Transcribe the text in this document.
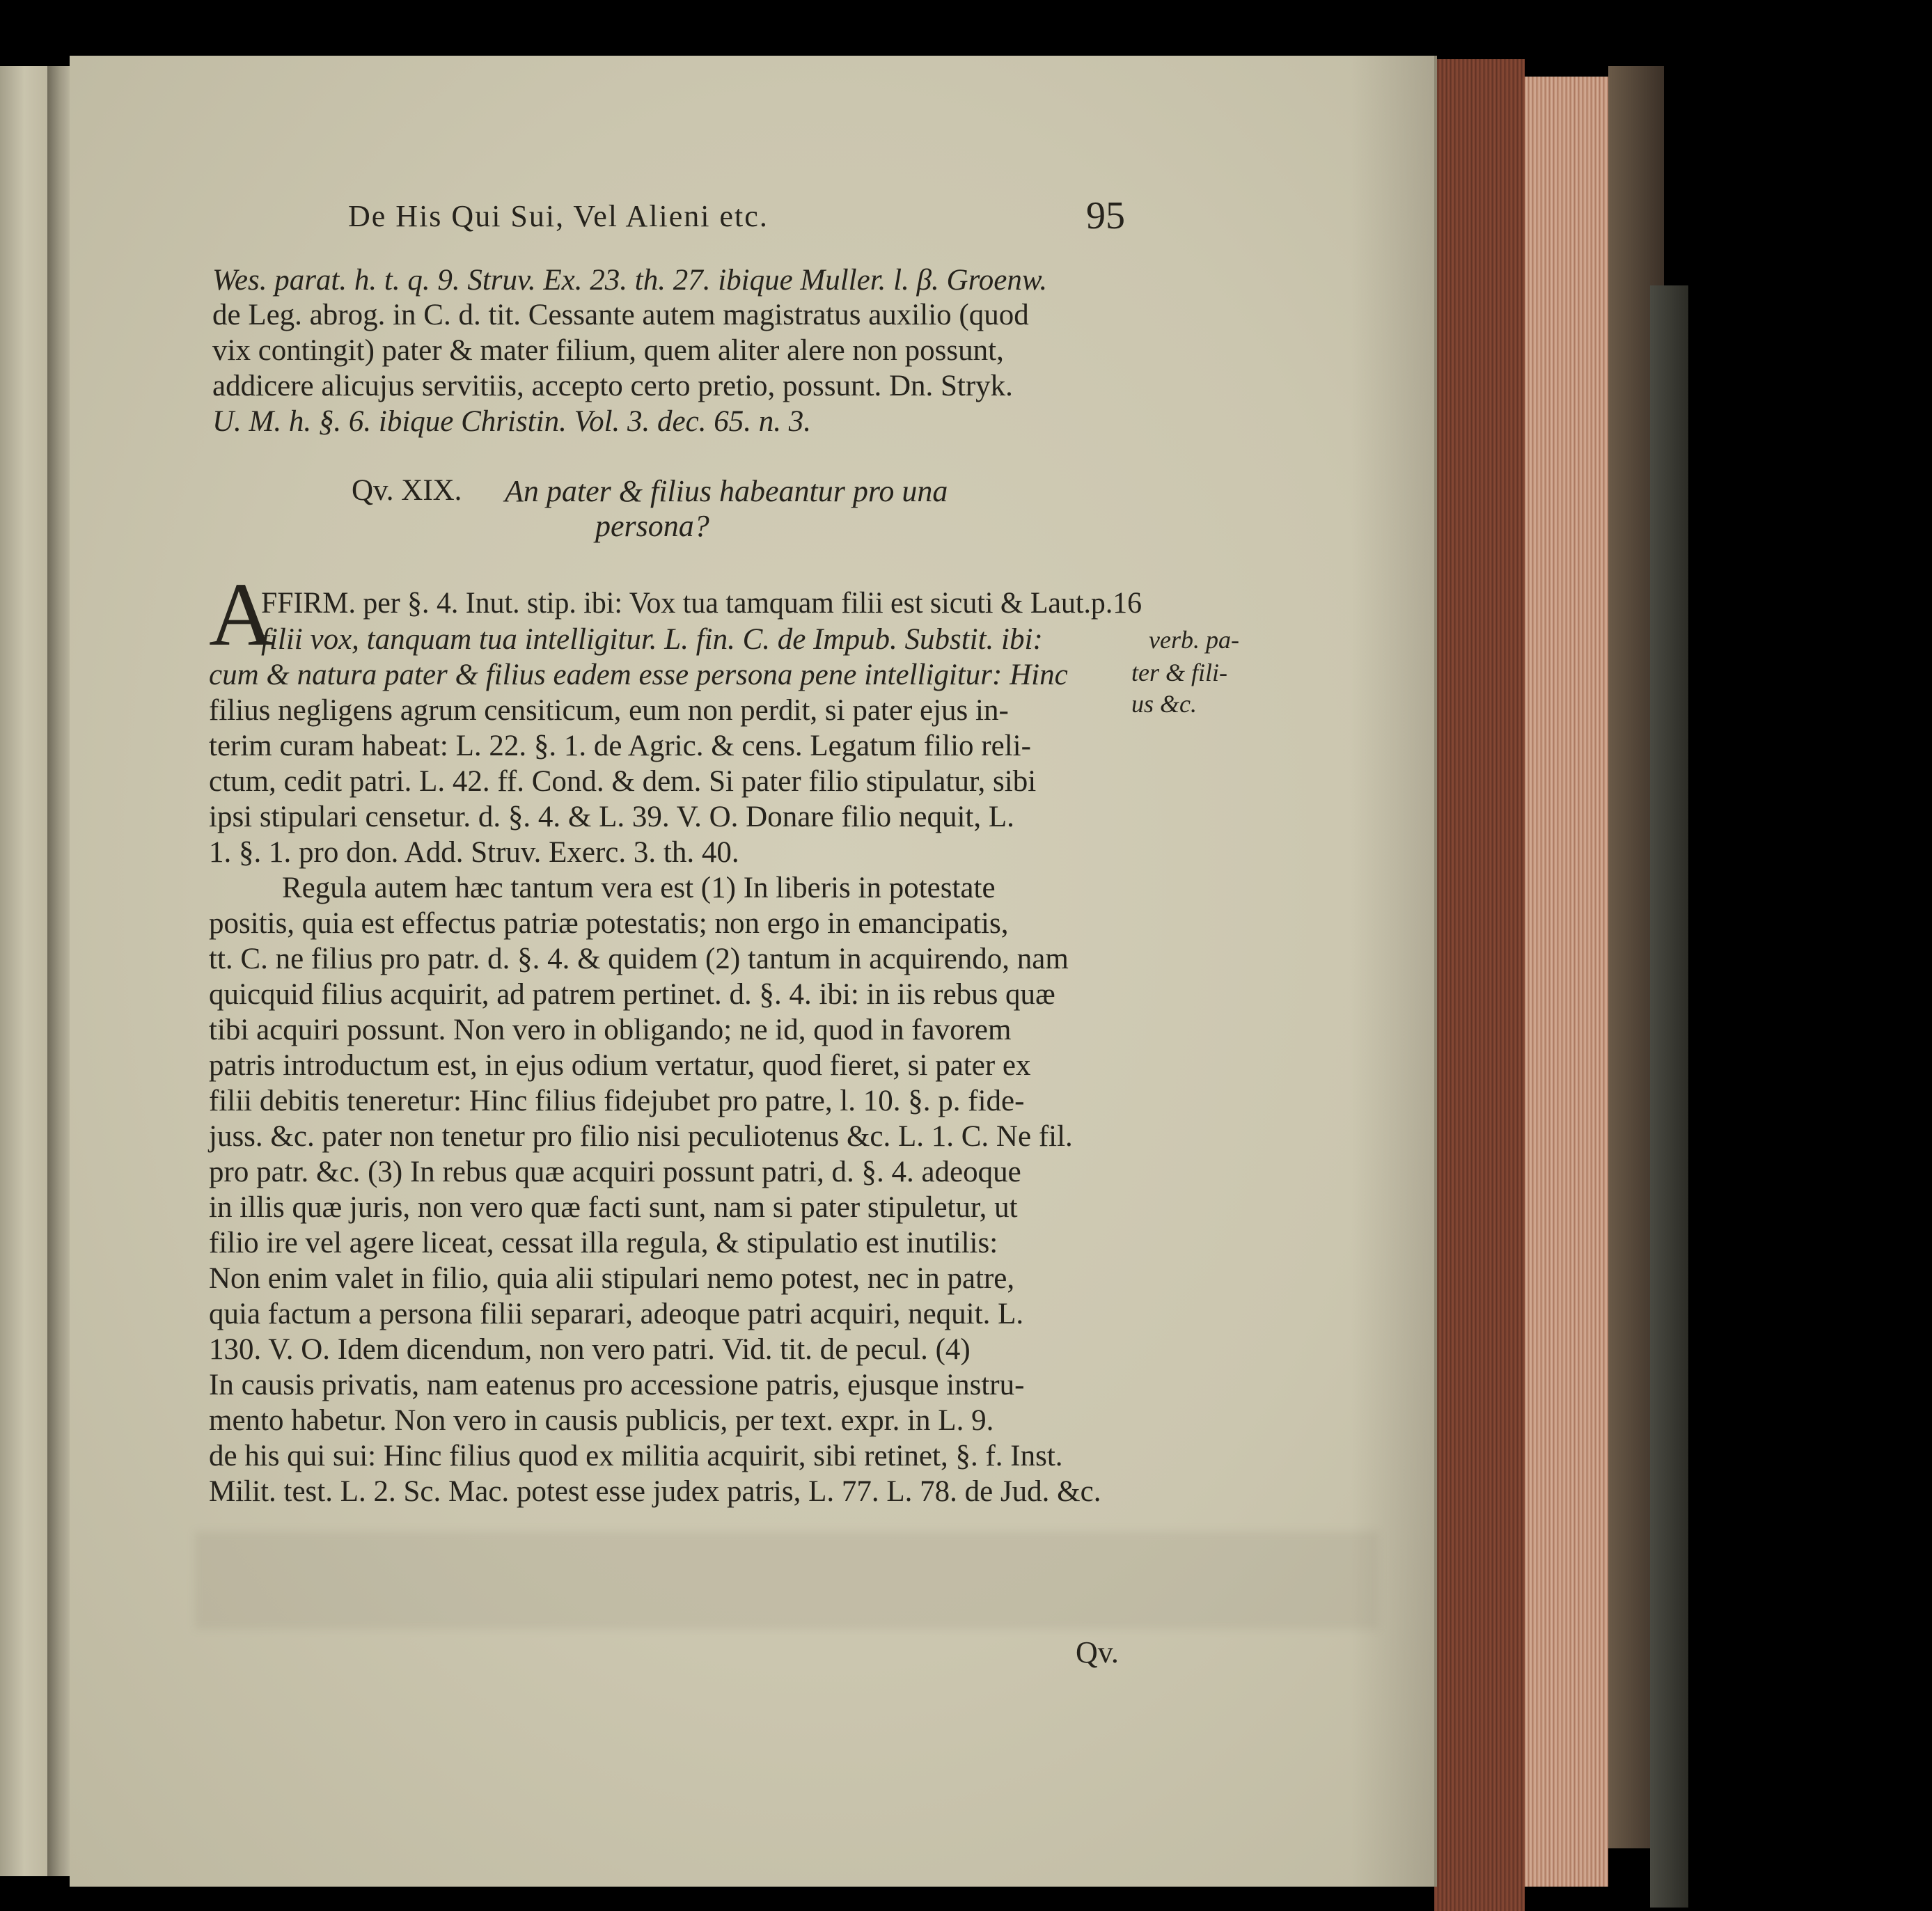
De His Qui Sui, Vel Alieni etc.	95
Wes. parat. h. t. q. 9. Struv. Ex. 23. th. 27. ibique Muller. l. β. Groenw.
de Leg. abrog. in C. d. tit. Cessante autem magistratus auxilio (quod
vix contingit) pater & mater filium, quem aliter alere non possunt,
addicere alicujus servitiis, accepto certo pretio, possunt. Dn. Stryk.
U. M. h. §. 6. ibique Christin. Vol. 3. dec. 65. n. 3.
Qv. XIX. An pater & filius habeantur pro una
persona?
A
FFIRM. per §. 4. Inut. stip. ibi: Vox tua tamquam filii est sicuti & Laut.p.16
filii vox, tanquam tua intelligitur. L. fin. C. de Impub. Substit. ibi:
cum & natura pater & filius eadem esse persona pene intelligitur: Hinc
filius negligens agrum censiticum, eum non perdit, si pater ejus in-
terim curam habeat: L. 22. §. 1. de Agric. & cens. Legatum filio reli-
ctum, cedit patri. L. 42. ff. Cond. & dem. Si pater filio stipulatur, sibi
ipsi stipulari censetur. d. §. 4. & L. 39. V. O. Donare filio nequit, L.
1. §. 1. pro don. Add. Struv. Exerc. 3. th. 40.
verb. pa-
ter & fili-
us &c.
Regula autem hæc tantum vera est (1) In liberis in potestate
positis, quia est effectus patriæ potestatis; non ergo in emancipatis,
tt. C. ne filius pro patr. d. §. 4. & quidem (2) tantum in acquirendo, nam
quicquid filius acquirit, ad patrem pertinet. d. §. 4. ibi: in iis rebus quæ
tibi acquiri possunt. Non vero in obligando; ne id, quod in favorem
patris introductum est, in ejus odium vertatur, quod fieret, si pater ex
filii debitis teneretur: Hinc filius fidejubet pro patre, l. 10. §. p. fide-
juss. &c. pater non tenetur pro filio nisi peculiotenus &c. L. 1. C. Ne fil.
pro patr. &c. (3) In rebus quæ acquiri possunt patri, d. §. 4. adeoque
in illis quæ juris, non vero quæ facti sunt, nam si pater stipuletur, ut
filio ire vel agere liceat, cessat illa regula, & stipulatio est inutilis:
Non enim valet in filio, quia alii stipulari nemo potest, nec in patre,
quia factum a persona filii separari, adeoque patri acquiri, nequit. L.
130. V. O. Idem dicendum, non vero patri. Vid. tit. de pecul. (4)
In causis privatis, nam eatenus pro accessione patris, ejusque instru-
mento habetur. Non vero in causis publicis, per text. expr. in L. 9.
de his qui sui: Hinc filius quod ex militia acquirit, sibi retinet, §. f. Inst.
Milit. test. L. 2. Sc. Mac. potest esse judex patris, L. 77. L. 78. de Jud. &c.
Qv.
